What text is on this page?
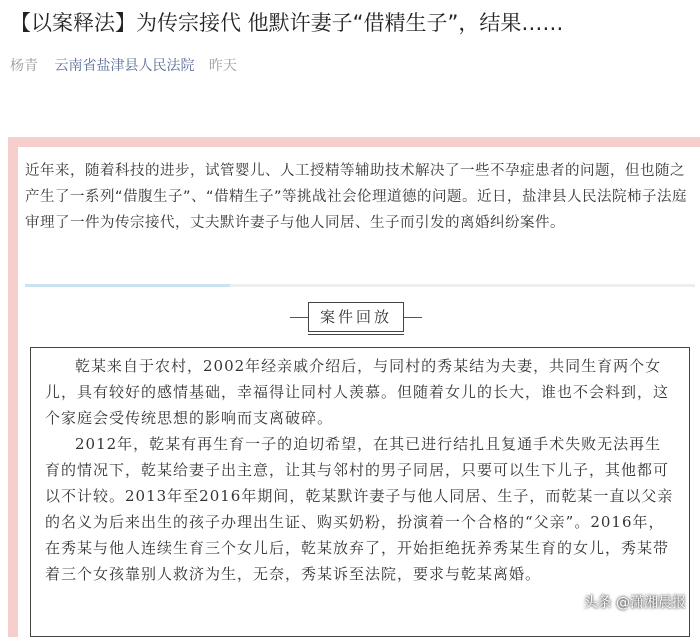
【以案释法】为传宗接代 他默许妻子“借精生子”，结果……
杨青 云南省盐津县人民法院 昨天
近年来，随着科技的进步，试管婴儿、人工授精等辅助技术解决了一些不孕症患者的问题，但也随之产生了一系列“借腹生子”、“借精生子”等挑战社会伦理道德的问题。近日，盐津县人民法院柿子法庭审理了一件为传宗接代，丈夫默许妻子与他人同居、生子而引发的离婚纠纷案件。
案件回放

乾某来自于农村，2002年经亲戚介绍后，与同村的秀某结为夫妻，共同生育两个女儿，具有较好的感情基础，幸福得让同村人羡慕。但随着女儿的长大，谁也不会料到，这个家庭会受传统思想的影响而支离破碎。

2012年，乾某有再生育一子的迫切希望，在其已进行结扎且复通手术失败无法再生育的情况下，乾某给妻子出主意，让其与邻村的男子同居，只要可以生下儿子，其他都可以不计较。2013年至2016年期间，乾某默许妻子与他人同居、生子，而乾某一直以父亲的名义为后来出生的孩子办理出生证、购买奶粉，扮演着一个合格的“父亲”。2016年，在秀某与他人连续生育三个女儿后，乾某放弃了，开始拒绝抚养秀某生育的女儿，秀某带着三个女孩靠别人救济为生，无奈，秀某诉至法院，要求与乾某离婚。

头条 @潇湘晨报
